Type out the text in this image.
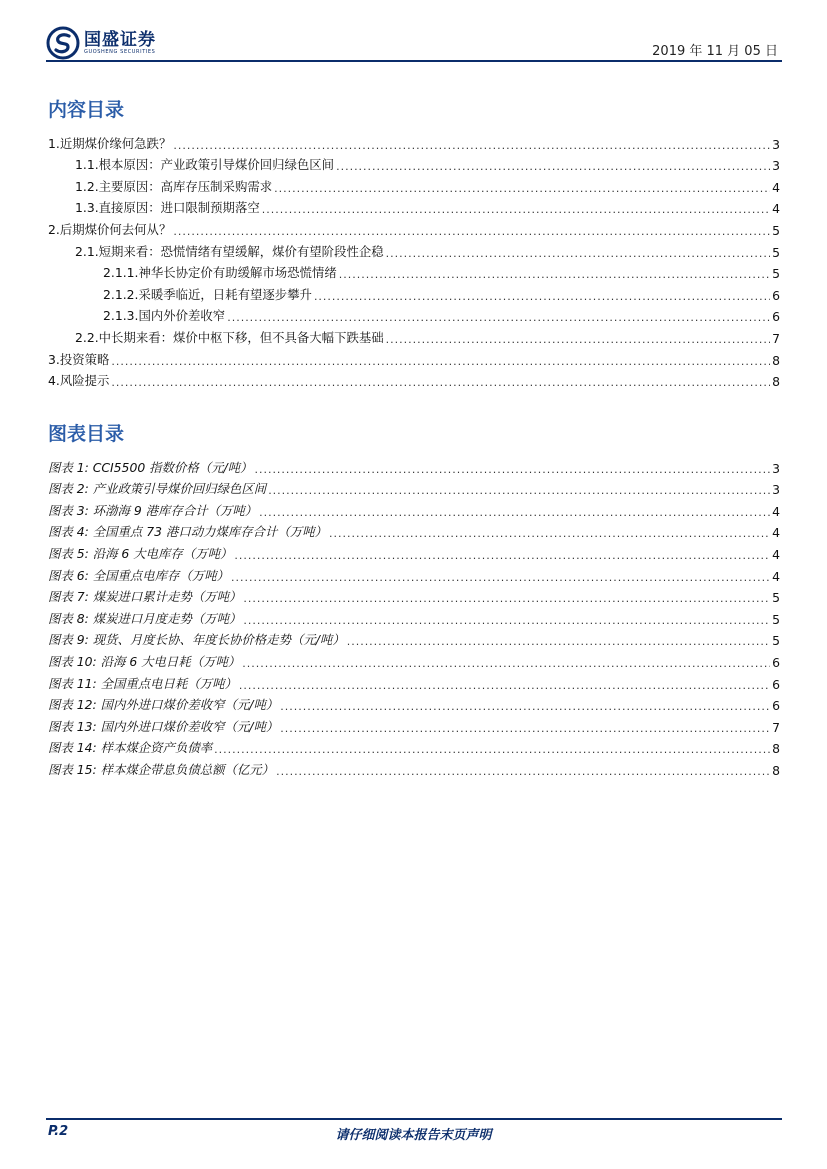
国盛证券
GUOSHENG SECURITIES	2019 年 11 月 05 日
内容目录
1.近期煤价缘何急跌？ .....	3
1.1.根本原因：产业政策引导煤价回归绿色区间 .....	3
1.2.主要原因：高库存压制采购需求 .....	4
1.3.直接原因：进口限制预期落空 .....	4
2.后期煤价何去何从？ .....	5
2.1.短期来看：恐慌情绪有望缓解，煤价有望阶段性企稳 .....	5
2.1.1.神华长协定价有助缓解市场恐慌情绪 .....	5
2.1.2.采暖季临近，日耗有望逐步攀升 .....	6
2.1.3.国内外价差收窄 .....	6
2.2.中长期来看：煤价中枢下移，但不具备大幅下跌基础 .....	7
3.投资策略 .....	8
4.风险提示 .....	8
图表目录
图表 1: CCI5500 指数价格（元/吨） .....	3
图表 2: 产业政策引导煤价回归绿色区间 .....	3
图表 3: 环渤海 9 港库存合计（万吨） .....	4
图表 4: 全国重点 73 港口动力煤库存合计（万吨） .....	4
图表 5: 沿海 6 大电库存（万吨） .....	4
图表 6: 全国重点电库存（万吨） .....	4
图表 7: 煤炭进口累计走势（万吨） .....	5
图表 8: 煤炭进口月度走势（万吨） .....	5
图表 9: 现货、月度长协、年度长协价格走势（元/吨） .....	5
图表 10: 沿海 6 大电日耗（万吨） .....	6
图表 11: 全国重点电日耗（万吨） .....	6
图表 12: 国内外进口煤价差收窄（元/吨） .....	6
图表 13: 国内外进口煤价差收窄（元/吨） .....	7
图表 14: 样本煤企资产负债率 .....	8
图表 15: 样本煤企带息负债总额（亿元） .....	8
请仔细阅读本报告末页声明
P.2
